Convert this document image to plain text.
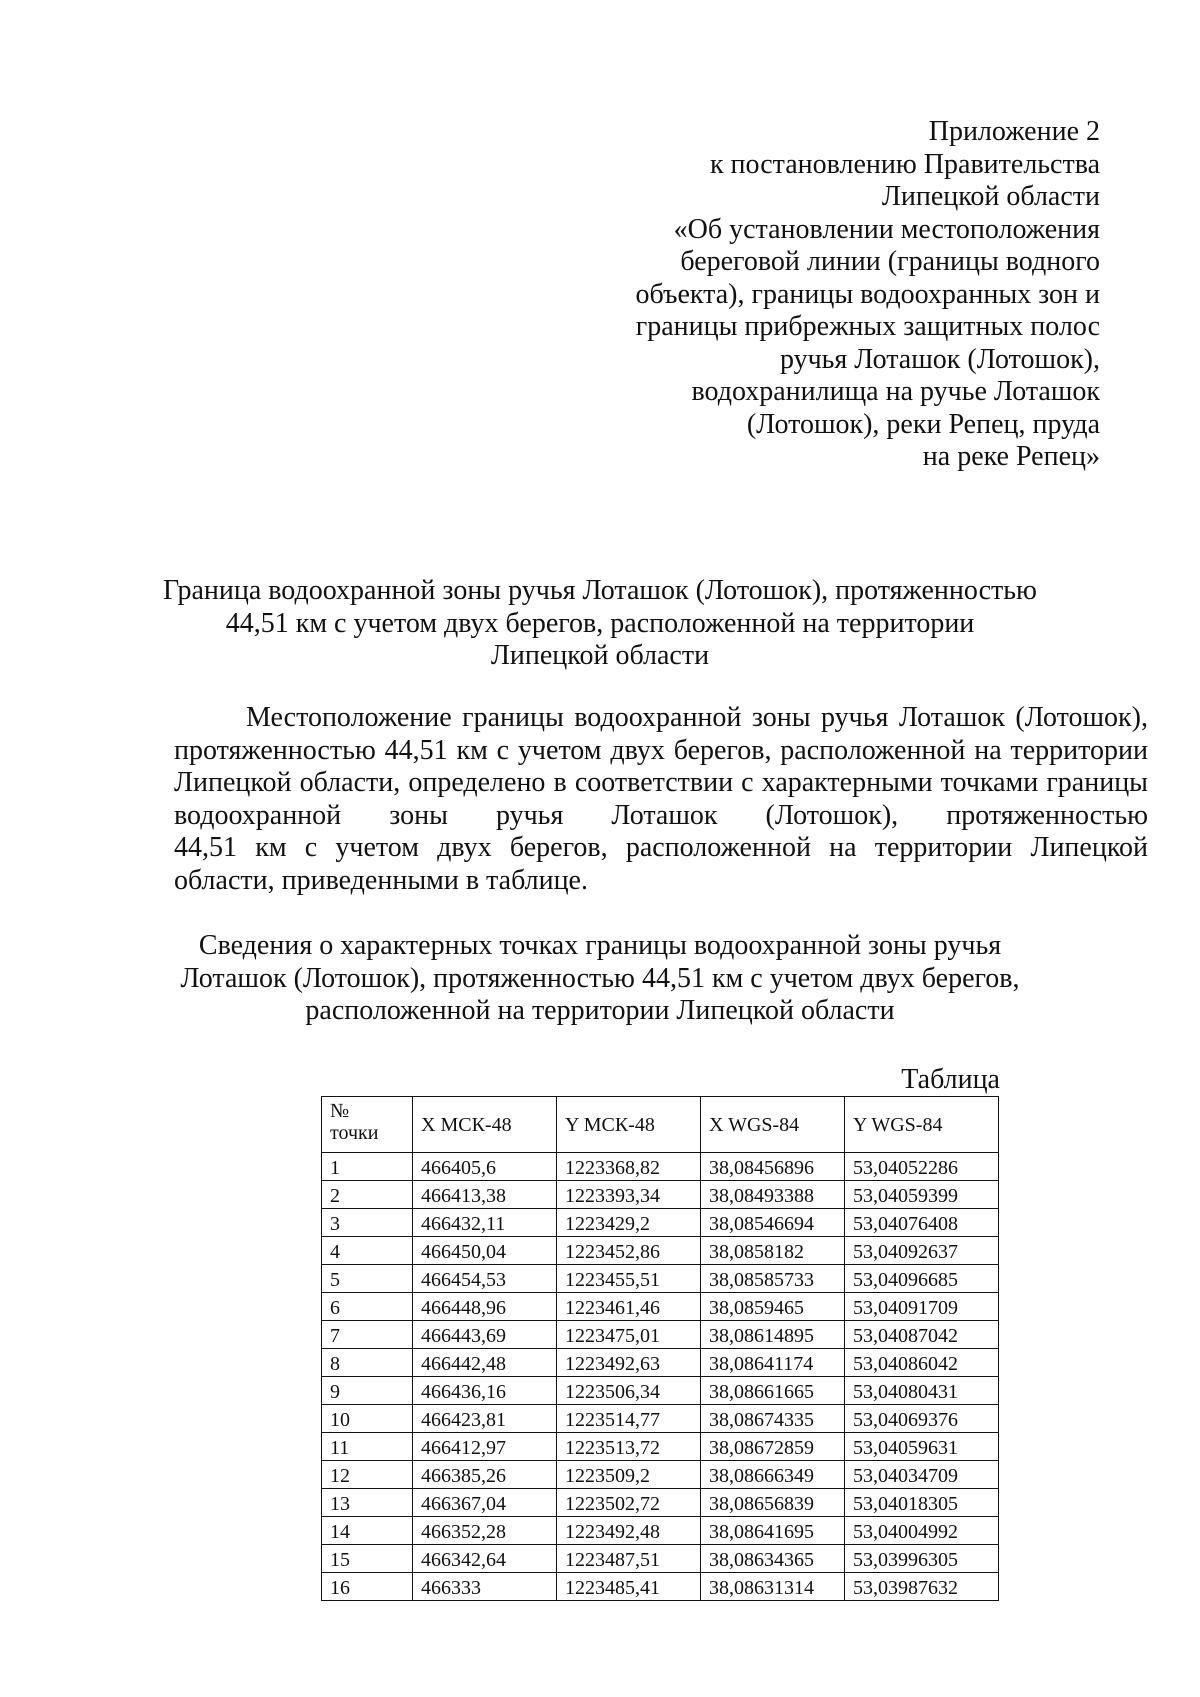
Приложение 2
к постановлению Правительства
Липецкой области
«Об установлении местоположения
береговой линии (границы водного
объекта), границы водоохранных зон и
границы прибрежных защитных полос
ручья Лоташок (Лотошок),
водохранилища на ручье Лоташок
(Лотошок), реки Репец, пруда
на реке Репец»
Граница водоохранной зоны ручья Лоташок (Лотошок), протяженностью
44,51 км с учетом двух берегов, расположенной на территории
Липецкой области
Местоположение границы водоохранной зоны ручья Лоташок (Лотошок),
протяженностью 44,51 км с учетом двух берегов, расположенной на территории
Липецкой области, определено в соответствии с характерными точками границы
водоохранной зоны ручья Лоташок (Лотошок), протяженностью
44,51 км с учетом двух берегов, расположенной на территории Липецкой
области, приведенными в таблице.
Сведения о характерных точках границы водоохранной зоны ручья
Лоташок (Лотошок), протяженностью 44,51 км с учетом двух берегов,
расположенной на территории Липецкой области
Таблица
№
точки	X МСК-48	Y МСК-48	X WGS-84	Y WGS-84
1	466405,6	1223368,82	38,08456896	53,04052286
2	466413,38	1223393,34	38,08493388	53,04059399
3	466432,11	1223429,2	38,08546694	53,04076408
4	466450,04	1223452,86	38,0858182	53,04092637
5	466454,53	1223455,51	38,08585733	53,04096685
6	466448,96	1223461,46	38,0859465	53,04091709
7	466443,69	1223475,01	38,08614895	53,04087042
8	466442,48	1223492,63	38,08641174	53,04086042
9	466436,16	1223506,34	38,08661665	53,04080431
10	466423,81	1223514,77	38,08674335	53,04069376
11	466412,97	1223513,72	38,08672859	53,04059631
12	466385,26	1223509,2	38,08666349	53,04034709
13	466367,04	1223502,72	38,08656839	53,04018305
14	466352,28	1223492,48	38,08641695	53,04004992
15	466342,64	1223487,51	38,08634365	53,03996305
16	466333	1223485,41	38,08631314	53,03987632
